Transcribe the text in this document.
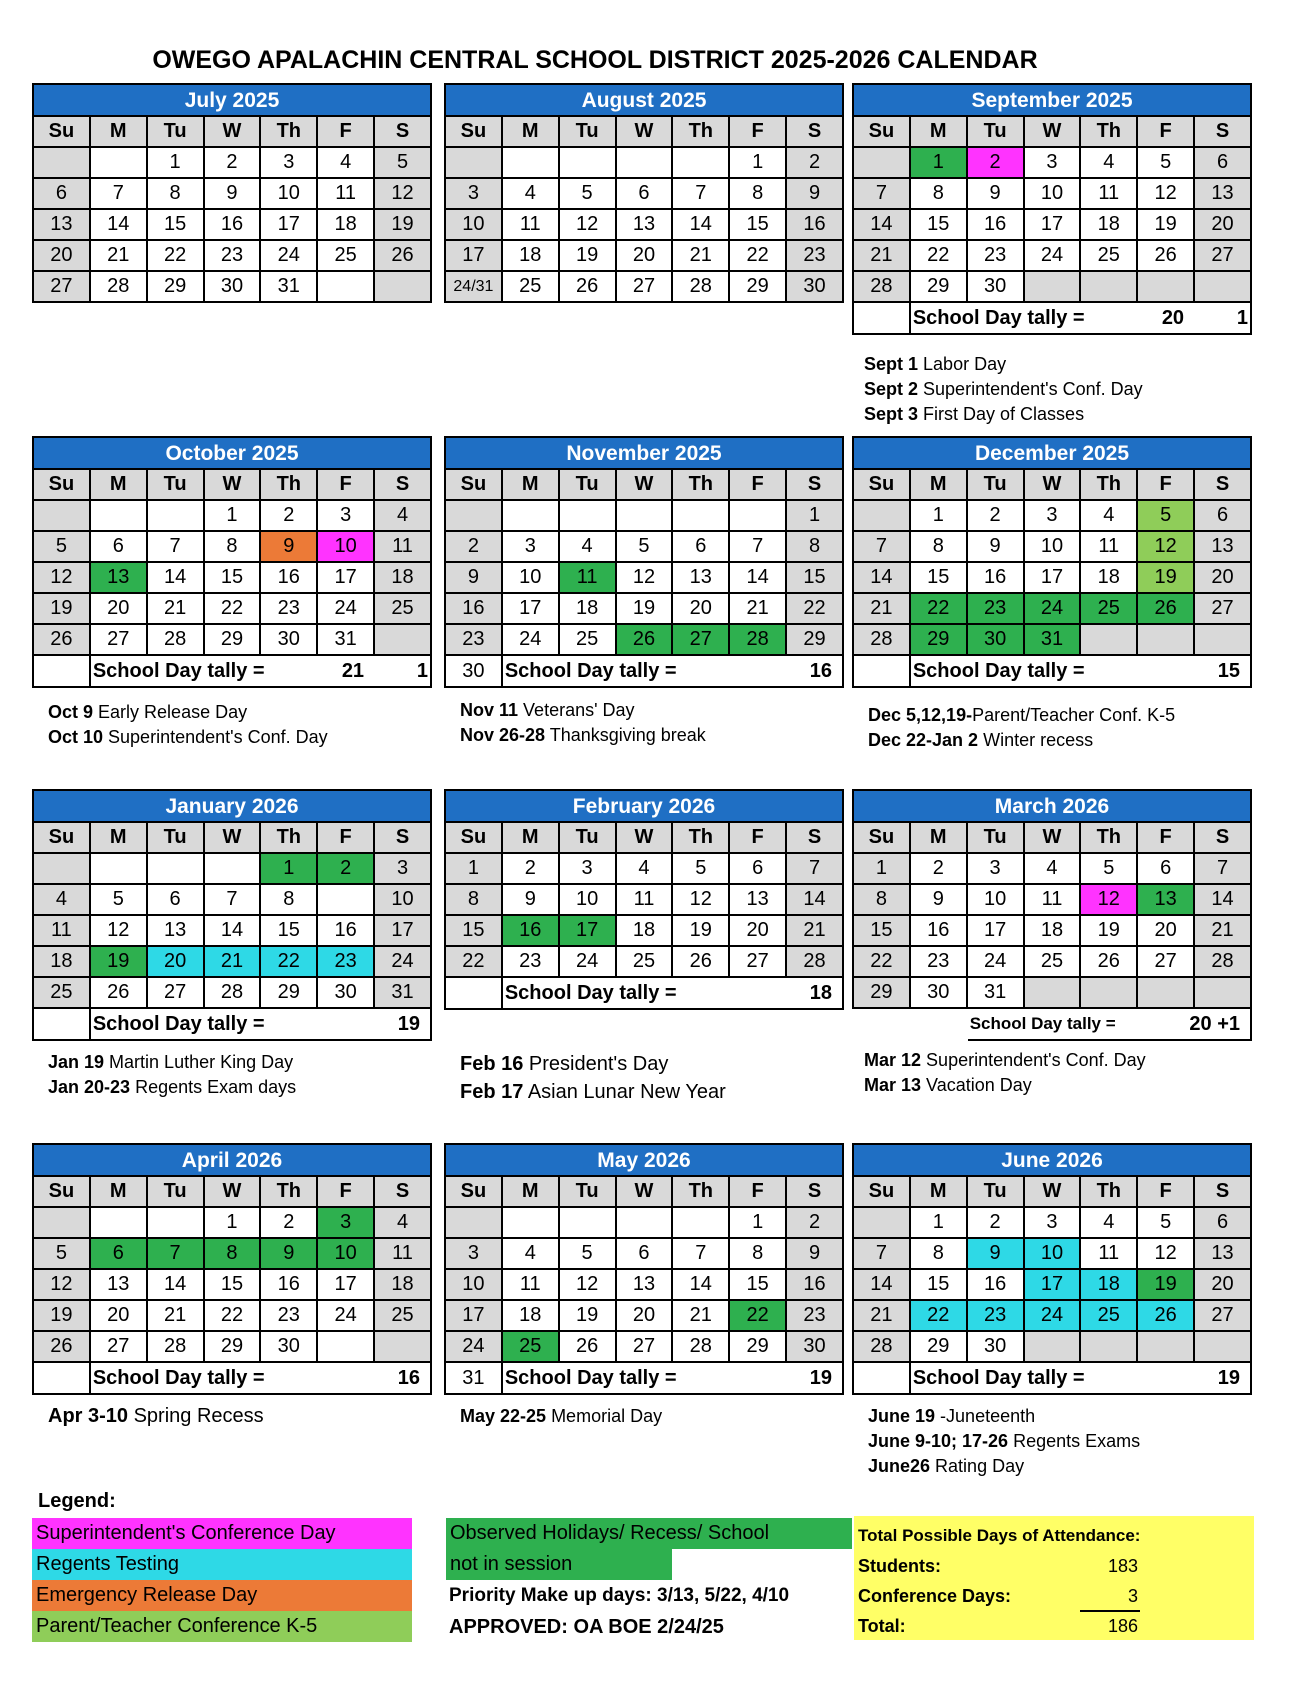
OWEGO APALACHIN CENTRAL SCHOOL DISTRICT 2025-2026 CALENDAR
July 2025
Su	M	Tu	W	Th	F	S
		1	2	3	4	5
6	7	8	9	10	11	12
13	14	15	16	17	18	19
20	21	22	23	24	25	26
27	28	29	30	31		
August 2025
Su	M	Tu	W	Th	F	S
					1	2
3	4	5	6	7	8	9
10	11	12	13	14	15	16
17	18	19	20	21	22	23
24/31	25	26	27	28	29	30
September 2025
Su	M	Tu	W	Th	F	S
	1	2	3	4	5	6
7	8	9	10	11	12	13
14	15	16	17	18	19	20
21	22	23	24	25	26	27
28	29	30				
	School Day tally =				20	1
October 2025
Su	M	Tu	W	Th	F	S
			1	2	3	4
5	6	7	8	9	10	11
12	13	14	15	16	17	18
19	20	21	22	23	24	25
26	27	28	29	30	31	
	School Day tally =				21	1
November 2025
Su	M	Tu	W	Th	F	S
						1
2	3	4	5	6	7	8
9	10	11	12	13	14	15
16	17	18	19	20	21	22
23	24	25	26	27	28	29
30	School Day tally =				16	
December 2025
Su	M	Tu	W	Th	F	S
	1	2	3	4	5	6
7	8	9	10	11	12	13
14	15	16	17	18	19	20
21	22	23	24	25	26	27
28	29	30	31			
	School Day tally =				15	
January 2026
Su	M	Tu	W	Th	F	S
				1	2	3
4	5	6	7	8		10
11	12	13	14	15	16	17
18	19	20	21	22	23	24
25	26	27	28	29	30	31
	School Day tally =				19	
February 2026
Su	M	Tu	W	Th	F	S
1	2	3	4	5	6	7
8	9	10	11	12	13	14
15	16	17	18	19	20	21
22	23	24	25	26	27	28
	School Day tally =				18	
March 2026
Su	M	Tu	W	Th	F	S
1	2	3	4	5	6	7
8	9	10	11	12	13	14
15	16	17	18	19	20	21
22	23	24	25	26	27	28
29	30	31				
		School Day tally =			20 +1	
April 2026
Su	M	Tu	W	Th	F	S
			1	2	3	4
5	6	7	8	9	10	11
12	13	14	15	16	17	18
19	20	21	22	23	24	25
26	27	28	29	30		
	School Day tally =				16	
May 2026
Su	M	Tu	W	Th	F	S
					1	2
3	4	5	6	7	8	9
10	11	12	13	14	15	16
17	18	19	20	21	22	23
24	25	26	27	28	29	30
31	School Day tally =				19	
June 2026
Su	M	Tu	W	Th	F	S
	1	2	3	4	5	6
7	8	9	10	11	12	13
14	15	16	17	18	19	20
21	22	23	24	25	26	27
28	29	30				
	School Day tally =				19	
Sept 1 Labor Day
Sept 2 Superintendent's Conf. Day
Sept 3 First Day of Classes
Oct 9 Early Release Day
Oct 10 Superintendent's Conf. Day
Nov 11 Veterans' Day
Nov 26-28 Thanksgiving break
Dec 5,12,19-Parent/Teacher Conf. K-5
Dec 22-Jan 2 Winter recess
Jan 19 Martin Luther King Day
Jan 20-23 Regents Exam days
Feb 16 President's Day
Feb 17 Asian Lunar New Year
Mar 12 Superintendent's Conf. Day
Mar 13 Vacation Day
Apr 3-10 Spring Recess	May 22-25 Memorial Day	June 19 -Juneteenth
June 9-10; 17-26 Regents Exams
June26 Rating Day
Legend:
Superintendent's Conference Day
Regents Testing
Emergency Release Day
Parent/Teacher Conference K-5
Observed Holidays/ Recess/ School
not in session
Priority Make up days: 3/13, 5/22, 4/10
APPROVED: OA BOE 2/24/25
Total Possible Days of Attendance:
Students:	183
Conference Days:	3
Total:	186
